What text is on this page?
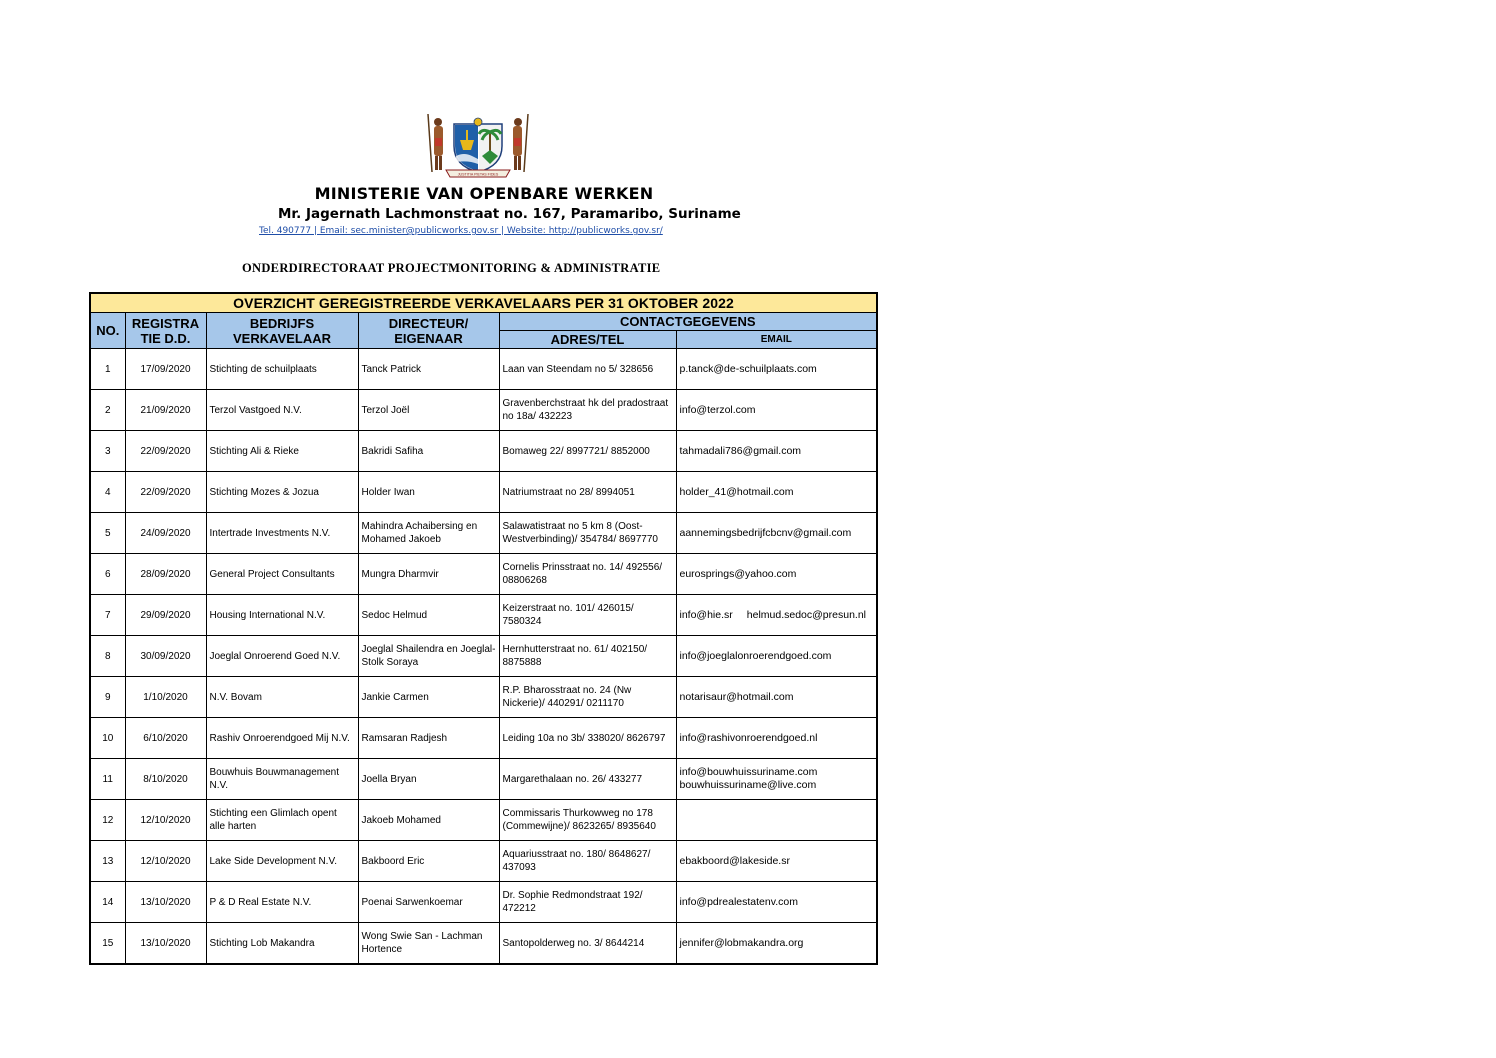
JUSTITIA PIETAS FIDES
MINISTERIE VAN OPENBARE WERKEN
Mr. Jagernath Lachmonstraat no. 167, Paramaribo, Suriname
Tel. 490777 | Email: sec.minister@publicworks.gov.sr | Website: http://publicworks.gov.sr/
ONDERDIRECTORAAT PROJECTMONITORING & ADMINISTRATIE
OVERZICHT GEREGISTREERDE VERKAVELAARS PER 31 OKTOBER 2022					
NO.	REGISTRA TIE D.D.	BEDRIJFS VERKAVELAAR	DIRECTEUR/ EIGENAAR	CONTACTGEGEVENS	
				ADRES/TEL	EMAIL
1	17/09/2020	Stichting de schuilplaats	Tanck Patrick	Laan van Steendam no 5/ 328656	p.tanck@de-schuilplaats.com
2	21/09/2020	Terzol Vastgoed N.V.	Terzol Joël	Gravenberchstraat hk del pradostraat no 18a/ 432223	info@terzol.com
3	22/09/2020	Stichting Ali & Rieke	Bakridi Safiha	Bomaweg 22/ 8997721/ 8852000	tahmadali786@gmail.com
4	22/09/2020	Stichting Mozes & Jozua	Holder Iwan	Natriumstraat no 28/ 8994051	holder_41@hotmail.com
5	24/09/2020	Intertrade Investments N.V.	Mahindra Achaibersing en Mohamed Jakoeb	Salawatistraat no 5 km 8 (Oost-Westverbinding)/ 354784/ 8697770	aannemingsbedrijfcbcnv@gmail.com
6	28/09/2020	General Project Consultants	Mungra Dharmvir	Cornelis Prinsstraat no. 14/ 492556/ 08806268	eurosprings@yahoo.com
7	29/09/2020	Housing International N.V.	Sedoc Helmud	Keizerstraat no. 101/ 426015/ 7580324	info@hie.sr helmud.sedoc@presun.nl
8	30/09/2020	Joeglal Onroerend Goed N.V.	Joeglal Shailendra en Joeglal-Stolk Soraya	Hernhutterstraat no. 61/ 402150/ 8875888	info@joeglalonroerendgoed.com
9	1/10/2020	N.V. Bovam	Jankie Carmen	R.P. Bharosstraat no. 24 (Nw Nickerie)/ 440291/ 0211170	notarisaur@hotmail.com
10	6/10/2020	Rashiv Onroerendgoed Mij N.V.	Ramsaran Radjesh	Leiding 10a no 3b/ 338020/ 8626797	info@rashivonroerendgoed.nl
11	8/10/2020	Bouwhuis Bouwmanagement N.V.	Joella Bryan	Margarethalaan no. 26/ 433277	info@bouwhuissuriname.com
bouwhuissuriname@live.com

12	12/10/2020	Stichting een Glimlach opent alle harten	Jakoeb Mohamed	Commissaris Thurkowweg no 178 (Commewijne)/ 8623265/ 8935640	
13	12/10/2020	Lake Side Development N.V.	Bakboord Eric	Aquariusstraat no. 180/ 8648627/ 437093	ebakboord@lakeside.sr
14	13/10/2020	P & D Real Estate N.V.	Poenai Sarwenkoemar	Dr. Sophie Redmondstraat 192/ 472212	info@pdrealestatenv.com
15	13/10/2020	Stichting Lob Makandra	Wong Swie San - Lachman Hortence	Santopolderweg no. 3/ 8644214	jennifer@lobmakandra.org
